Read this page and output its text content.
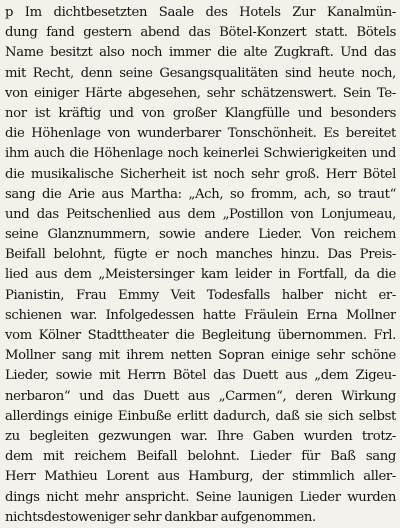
p Im dichtbesetzten Saale des Hotels Zur Kanalmün-
dung fand gestern abend das Bötel-Konzert statt. Bötels
Name besitzt also noch immer die alte Zugkraft. Und das
mit Recht, denn seine Gesangsqualitäten sind heute noch,
von einiger Härte abgesehen, sehr schätzenswert. Sein Te-
nor ist kräftig und von großer Klangfülle und besonders
die Höhenlage von wunderbarer Tonschönheit. Es bereitet
ihm auch die Höhenlage noch keinerlei Schwierigkeiten und
die musikalische Sicherheit ist noch sehr groß. Herr Bötel
sang die Arie aus Martha: „Ach, so fromm, ach, so traut“
und das Peitschenlied aus dem „Postillon von Lonjumeau,
seine Glanznummern, sowie andere Lieder. Von reichem
Beifall belohnt, fügte er noch manches hinzu. Das Preis-
lied aus dem „Meistersinger kam leider in Fortfall, da die
Pianistin, Frau Emmy Veit Todesfalls halber nicht er-
schienen war. Infolgedessen hatte Fräulein Erna Mollner
vom Kölner Stadttheater die Begleitung übernommen. Frl.
Mollner sang mit ihrem netten Sopran einige sehr schöne
Lieder, sowie mit Herrn Bötel das Duett aus „dem Zigeu-
nerbaron“ und das Duett aus „Carmen“, deren Wirkung
allerdings einige Einbuße erlitt dadurch, daß sie sich selbst
zu begleiten gezwungen war. Ihre Gaben wurden trotz-
dem mit reichem Beifall belohnt. Lieder für Baß sang
Herr Mathieu Lorent aus Hamburg, der stimmlich aller-
dings nicht mehr anspricht. Seine launigen Lieder wurden
nichtsdestoweniger sehr dankbar aufgenommen.
